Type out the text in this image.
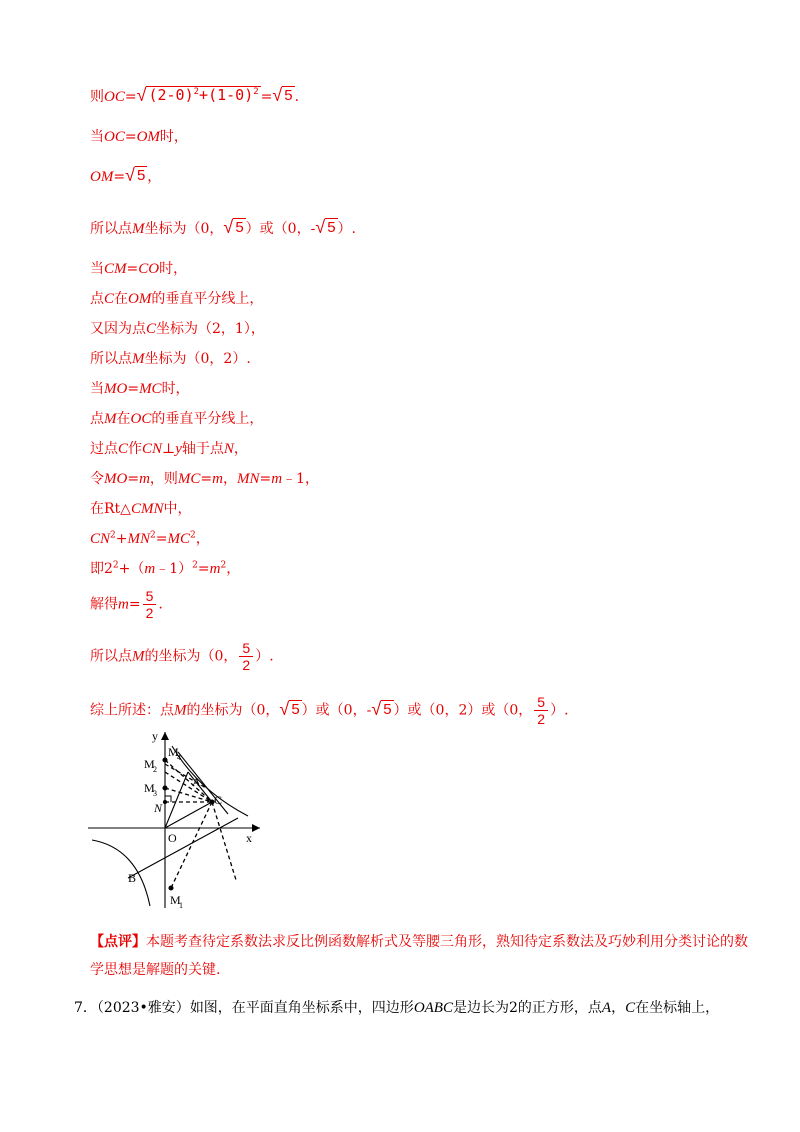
则OC= √ $(2-0)^2+(1-0)^2$ = √ 5 .
当OC=OM时，
OM= √ 5 ，
所以点M坐标为（0， √ 5 ）或（0，- √ 5 ）.
当CM=CO时，
点C在OM的垂直平分线上，
又因为点C坐标为（2，1），
所以点M坐标为（0，2）.
当MO=MC时，
点M在OC的垂直平分线上，
过点C作CN⊥y轴于点N，
令MO=m，则MC=m，MN=m﹣1，
在Rt△CMN中，
$CN^2+MN^2=MC^2$，
即$2^2+(m﹣1)^2=m^2$，
解得$m= \frac{5}{2}$ .
所以点M的坐标为（0， $\frac{5}{2}$ ）.
综上所述：点M的坐标为（0， √ 5 ）或（0，- √ 5 ）或（0，2）或（0， $\frac{5}{2}$ ）.
y
x
O
A
B
C
N
M
1
M
2
M
3
M
4
【点评】本题考查待定系数法求反比例函数解析式及等腰三角形，熟知待定系数法及巧妙利用分类讨论的数学思想是解题的关键.
7．（2023•雅安）如图，在平面直角坐标系中，四边形OABC是边长为2的正方形，点A，C在坐标轴上，
